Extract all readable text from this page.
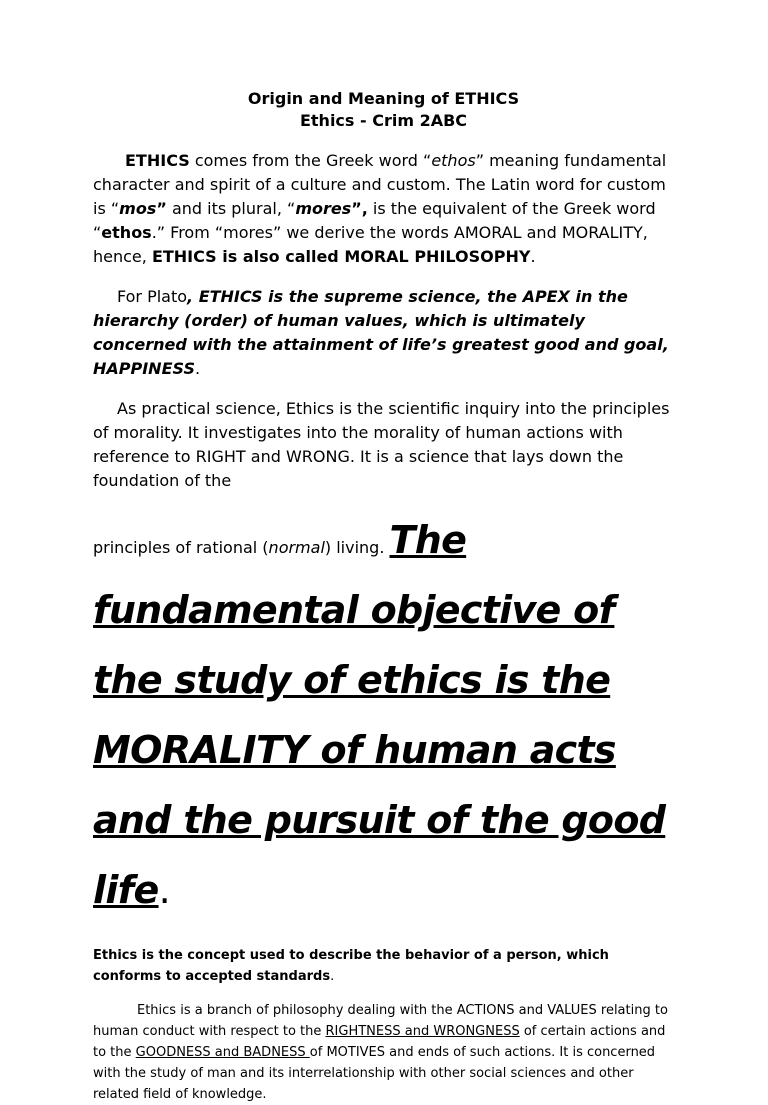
Origin and Meaning of ETHICS
Ethics - Crim 2ABC

ETHICS comes from the Greek word “ethos” meaning fundamental character and spirit of a culture and custom. The Latin word for custom is “mos” and its plural, “mores”, is the equivalent of the Greek word “ethos.” From “mores” we derive the words AMORAL and MORALITY, hence, ETHICS is also called MORAL PHILOSOPHY.

For Plato, ETHICS is the supreme science, the APEX in the hierarchy (order) of human values, which is ultimately concerned with the attainment of life’s greatest good and goal, HAPPINESS.

As practical science, Ethics is the scientific inquiry into the principles of morality. It investigates into the morality of human actions with reference to RIGHT and WRONG. It is a science that lays down the foundation of the

principles of rational (normal) living. The fundamental objective of the study of ethics is the MORALITY of human acts and the pursuit of the good life.

Ethics is the concept used to describe the behavior of a person, which conforms to accepted standards.

Ethics is a branch of philosophy dealing with the ACTIONS and VALUES relating to human conduct with respect to the RIGHTNESS and WRONGNESS of certain actions and to the GOODNESS and BADNESS of MOTIVES and ends of such actions. It is concerned with the study of man and its interrelationship with other social sciences and other related field of knowledge.
